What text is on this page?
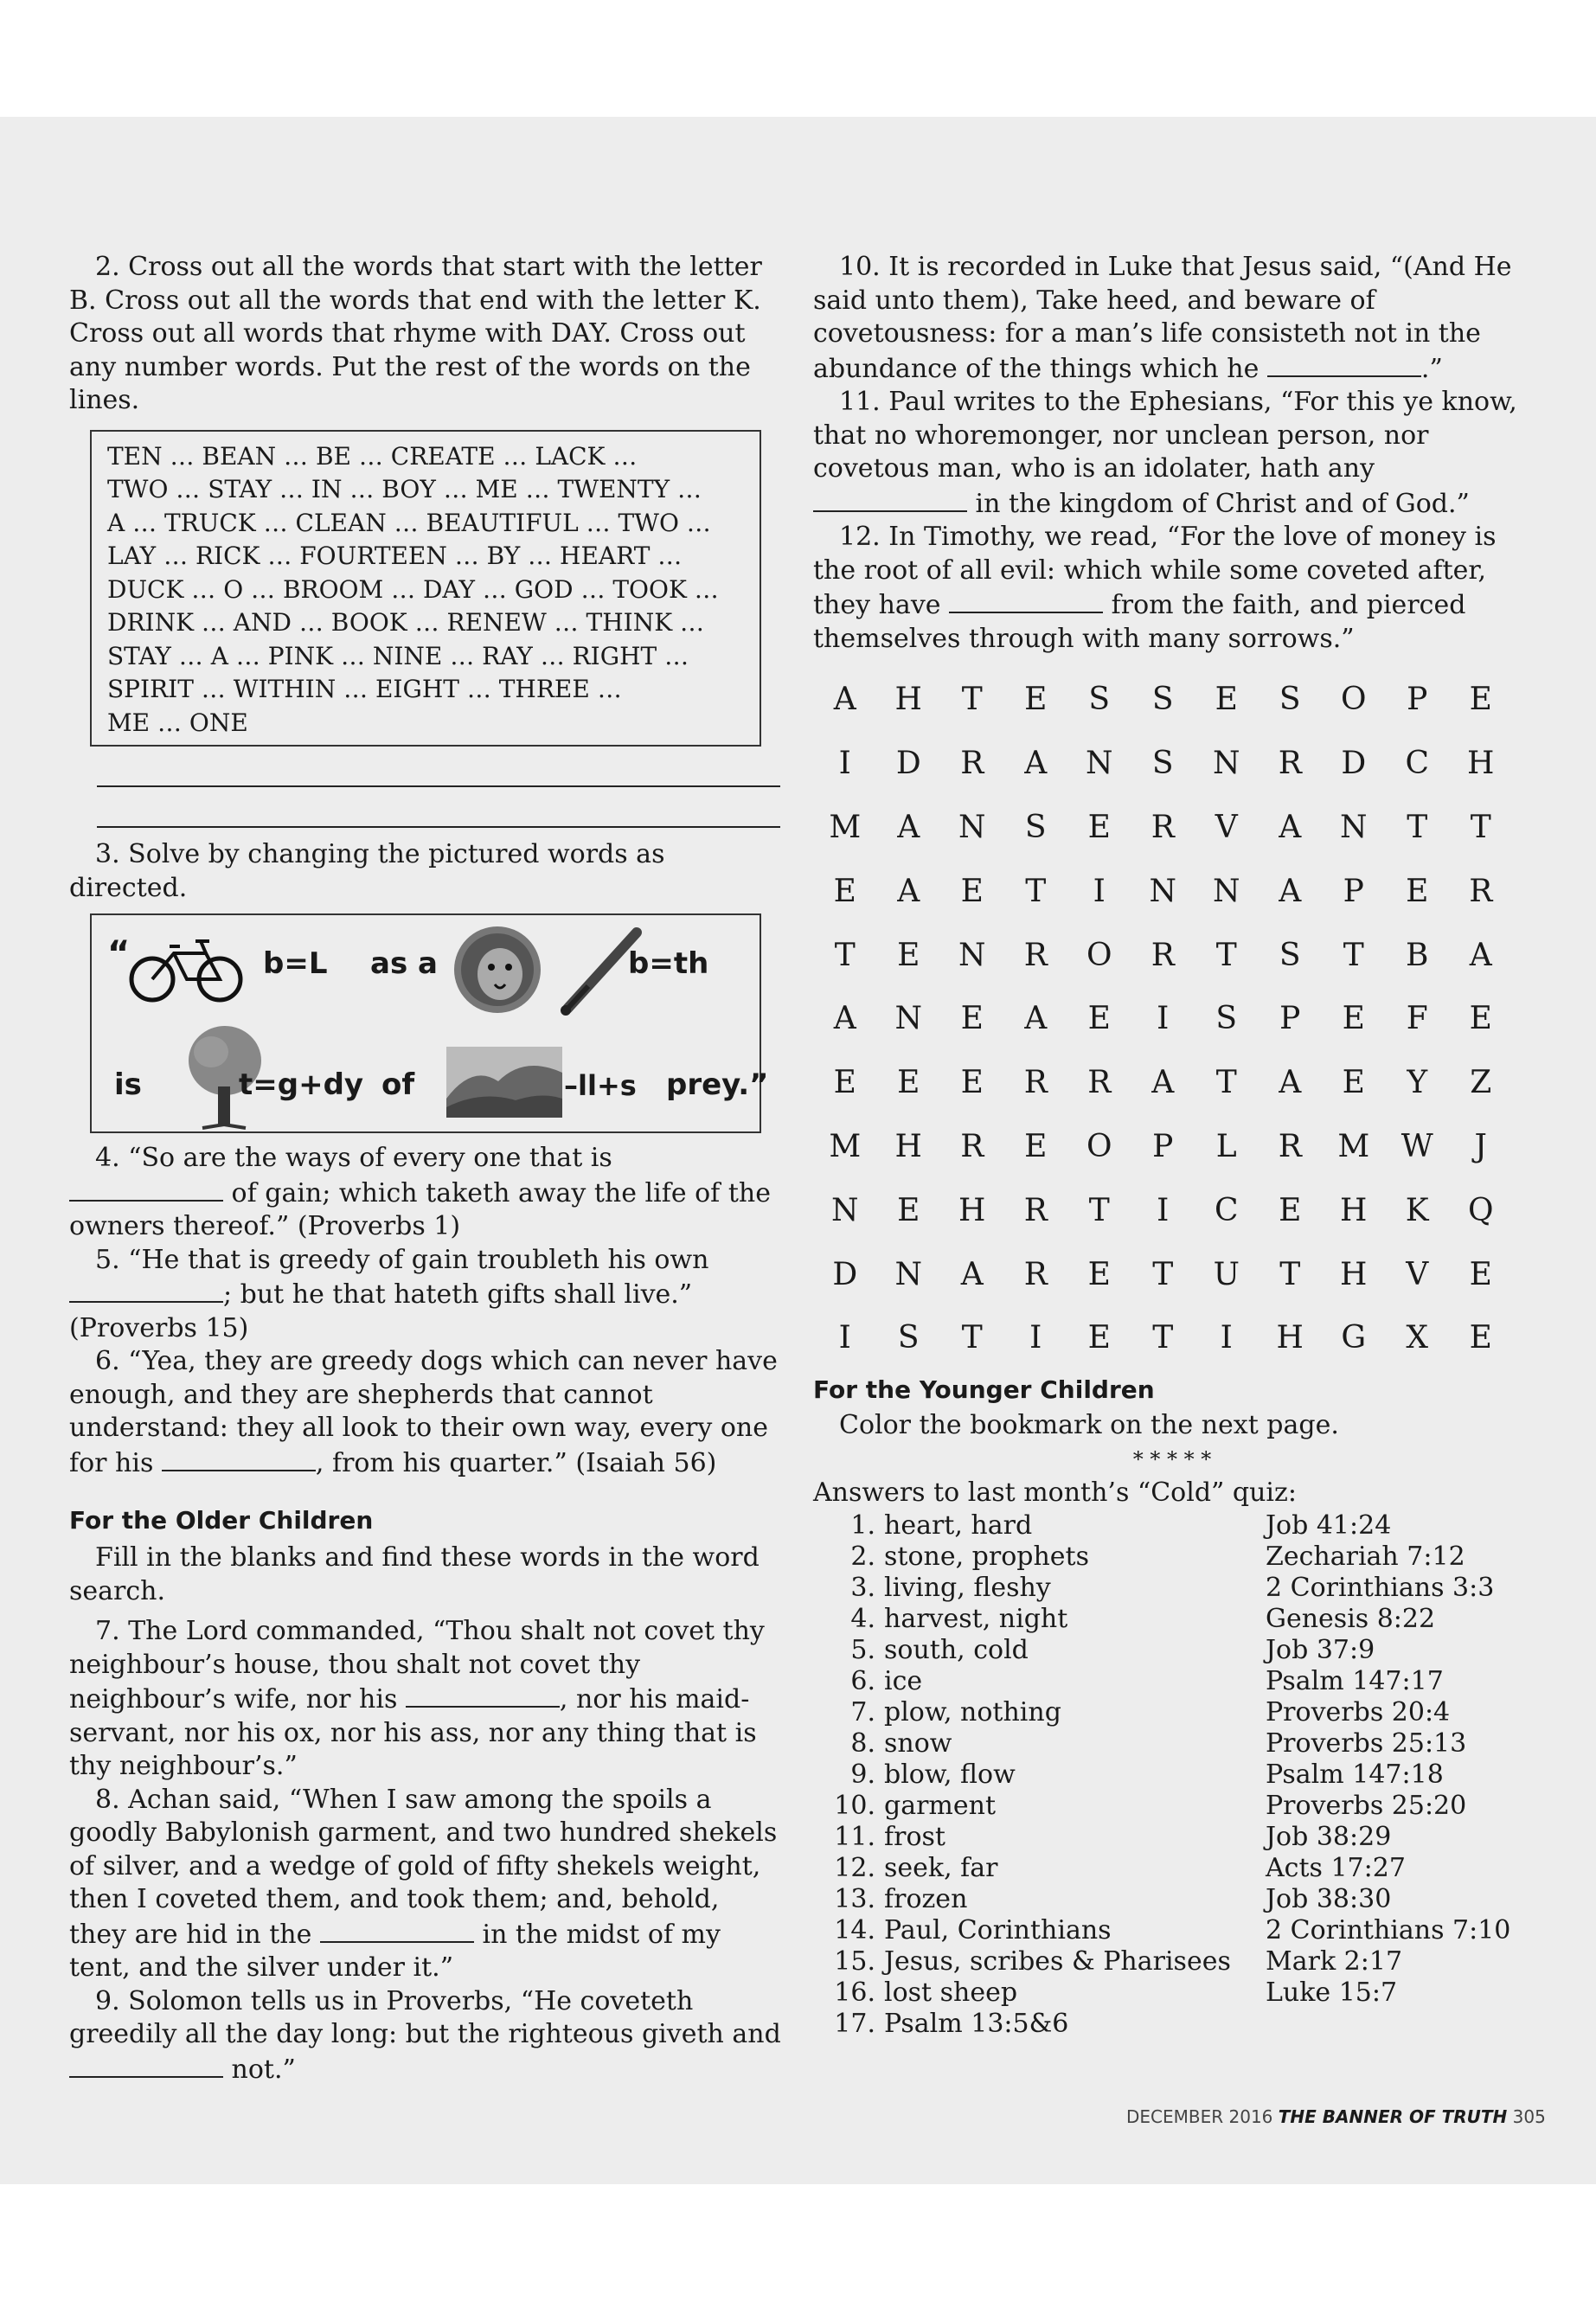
2. Cross out all the words that start with the letter B. Cross out all the words that end with the letter K. Cross out all words that rhyme with DAY. Cross out any number words. Put the rest of the words on the lines.

TEN … BEAN … BE … CREATE … LACK …
TWO … STAY … IN … BOY … ME … TWENTY …
A … TRUCK … CLEAN … BEAUTIFUL … TWO …
LAY … RICK … FOURTEEN … BY … HEART …
DUCK … O … BROOM … DAY … GOD … TOOK …
DRINK … AND … BOOK … RENEW … THINK …
STAY … A … PINK … NINE … RAY … RIGHT …
SPIRIT … WITHIN … EIGHT … THREE …
ME … ONE

3. Solve by changing the pictured words as directed.

“	b=L as a	b=th
is	t=g+dy of	–ll+s prey.”

4. “So are the ways of every one that is
of gain; which taketh away the life of the owners thereof.” (Proverbs 1)

5. “He that is greedy of gain troubleth his own
; but he that hateth gifts shall live.” (Proverbs 15)

6. “Yea, they are greedy dogs which can never have enough, and they are shepherds that cannot understand: they all look to their own way, every one for his	, from his quarter.” (Isaiah 56)

For the Older Children

Fill in the blanks and find these words in the word search.

7. The Lord commanded, “Thou shalt not covet thy neighbour’s house, thou shalt not covet thy neighbour’s wife, nor his	, nor his maid-servant, nor his ox, nor his ass, nor any thing that is thy neighbour’s.”

8. Achan said, “When I saw among the spoils a goodly Babylonish garment, and two hundred shekels of silver, and a wedge of gold of fifty shekels weight, then I coveted them, and took them; and, behold, they are hid in the	in the midst of my tent, and the silver under it.”

9. Solomon tells us in Proverbs, “He coveteth greedily all the day long: but the righteous giveth and  not.”

10. It is recorded in Luke that Jesus said, “(And He said unto them), Take heed, and beware of covetousness: for a man’s life consisteth not in the abundance of the things which he	.”

11. Paul writes to the Ephesians, “For this ye know, that no whoremonger, nor unclean person, nor covetous man, who is an idolater, hath any  in the kingdom of Christ and of God.”

12. In Timothy, we read, “For the love of money is the root of all evil: which while some coveted after, they have	from the faith, and pierced themselves through with many sorrows.”

A	H	T	E	S	S	E	S	O	P	E
I	D	R	A	N	S	N	R	D	C	H
M	A	N	S	E	R	V	A	N	T	T
E	A	E	T	I	N	N	A	P	E	R
T	E	N	R	O	R	T	S	T	B	A
A	N	E	A	E	I	S	P	E	F	E
E	E	E	R	R	A	T	A	E	Y	Z
M	H	R	E	O	P	L	R	M	W	J
N	E	H	R	T	I	C	E	H	K	Q
D	N	A	R	E	T	U	T	H	V	E
I	S	T	I	E	T	I	H	G	X	E

For the Younger Children

Color the bookmark on the next page.

* * * * *

Answers to last month’s “Cold” quiz:

1. heart, hard	Job 41:24
2. stone, prophets	Zechariah 7:12
3. living, fleshy	2 Corinthians 3:3
4. harvest, night	Genesis 8:22
5. south, cold	Job 37:9
6. ice	Psalm 147:17
7. plow, nothing	Proverbs 20:4
8. snow	Proverbs 25:13
9. blow, flow	Psalm 147:18
10. garment	Proverbs 25:20
11. frost	Job 38:29
12. seek, far	Acts 17:27
13. frozen	Job 38:30
14. Paul, Corinthians	2 Corinthians 7:10
15. Jesus, scribes & Pharisees	Mark 2:17
16. lost sheep	Luke 15:7
17. Psalm 13:5&6
DECEMBER 2016 THE BANNER OF TRUTH 305
